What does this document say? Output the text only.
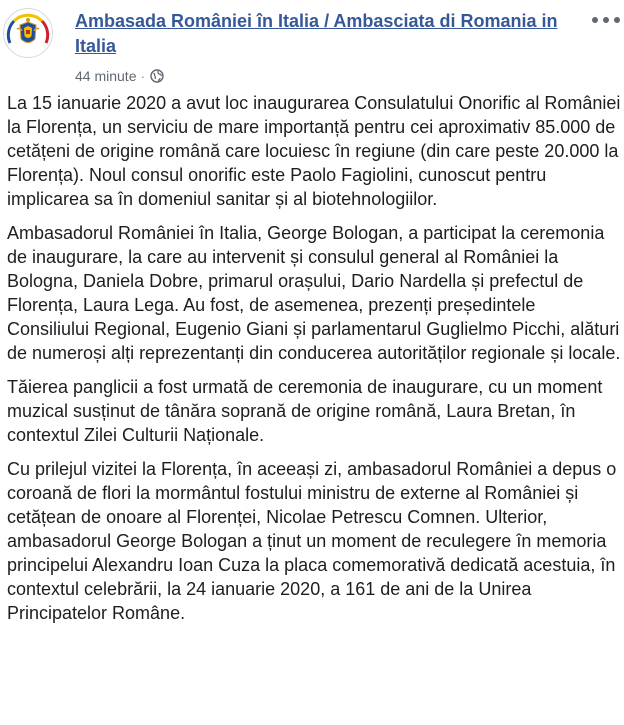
Ambasada României în Italia / Ambasciata di Romania in Italia
44 minute ·

La 15 ianuarie 2020 a avut loc inaugurarea Consulatului Onorific al României la Florența, un serviciu de mare importanță pentru cei aproximativ 85.000 de cetățeni de origine română care locuiesc în regiune (din care peste 20.000 la Florența). Noul consul onorific este Paolo Fagiolini, cunoscut pentru implicarea sa în domeniul sanitar și al biotehnologiilor.

Ambasadorul României în Italia, George Bologan, a participat la ceremonia de inaugurare, la care au intervenit și consulul general al României la Bologna, Daniela Dobre, primarul orașului, Dario Nardella și prefectul de Florența, Laura Lega. Au fost, de asemenea, prezenți președintele Consiliului Regional, Eugenio Giani și parlamentarul Guglielmo Picchi, alături de numeroși alți reprezentanți din conducerea autorităților regionale și locale.

Tăierea panglicii a fost urmată de ceremonia de inaugurare, cu un moment muzical susținut de tânăra soprană de origine română, Laura Bretan, în contextul Zilei Culturii Naționale.

Cu prilejul vizitei la Florența, în aceeași zi, ambasadorul României a depus o coroană de flori la mormântul fostului ministru de externe al României și cetățean de onoare al Florenței, Nicolae Petrescu Comnen. Ulterior, ambasadorul George Bologan a ținut un moment de reculegere în memoria principelui Alexandru Ioan Cuza la placa comemorativă dedicată acestuia, în contextul celebrării, la 24 ianuarie 2020, a 161 de ani de la Unirea Principatelor Române.
